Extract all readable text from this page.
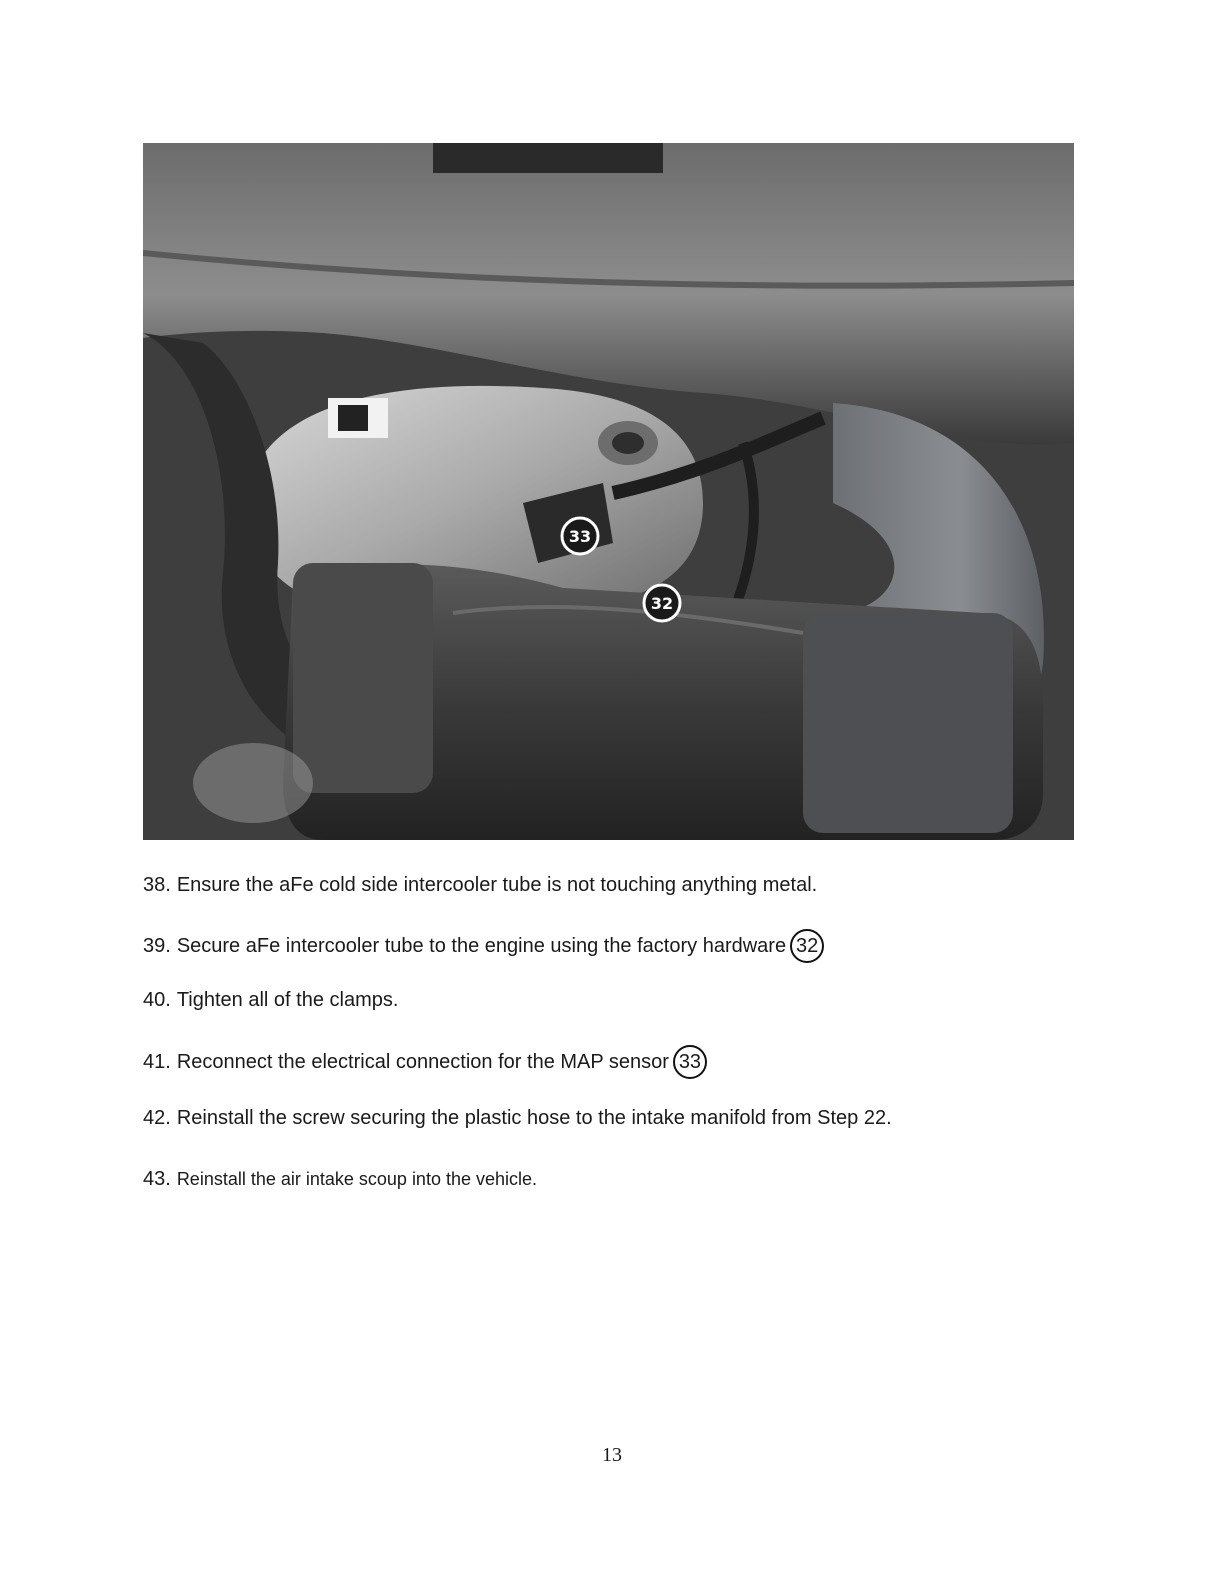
33
32
38. Ensure the aFe cold side intercooler tube is not touching anything metal.
39. Secure aFe intercooler tube to the engine using the factory hardware 32
40. Tighten all of the clamps.
41. Reconnect the electrical connection for the MAP sensor 33
42. Reinstall the screw securing the plastic hose to the intake manifold from Step 22.
43. Reinstall the air intake scoup into the vehicle.
13
